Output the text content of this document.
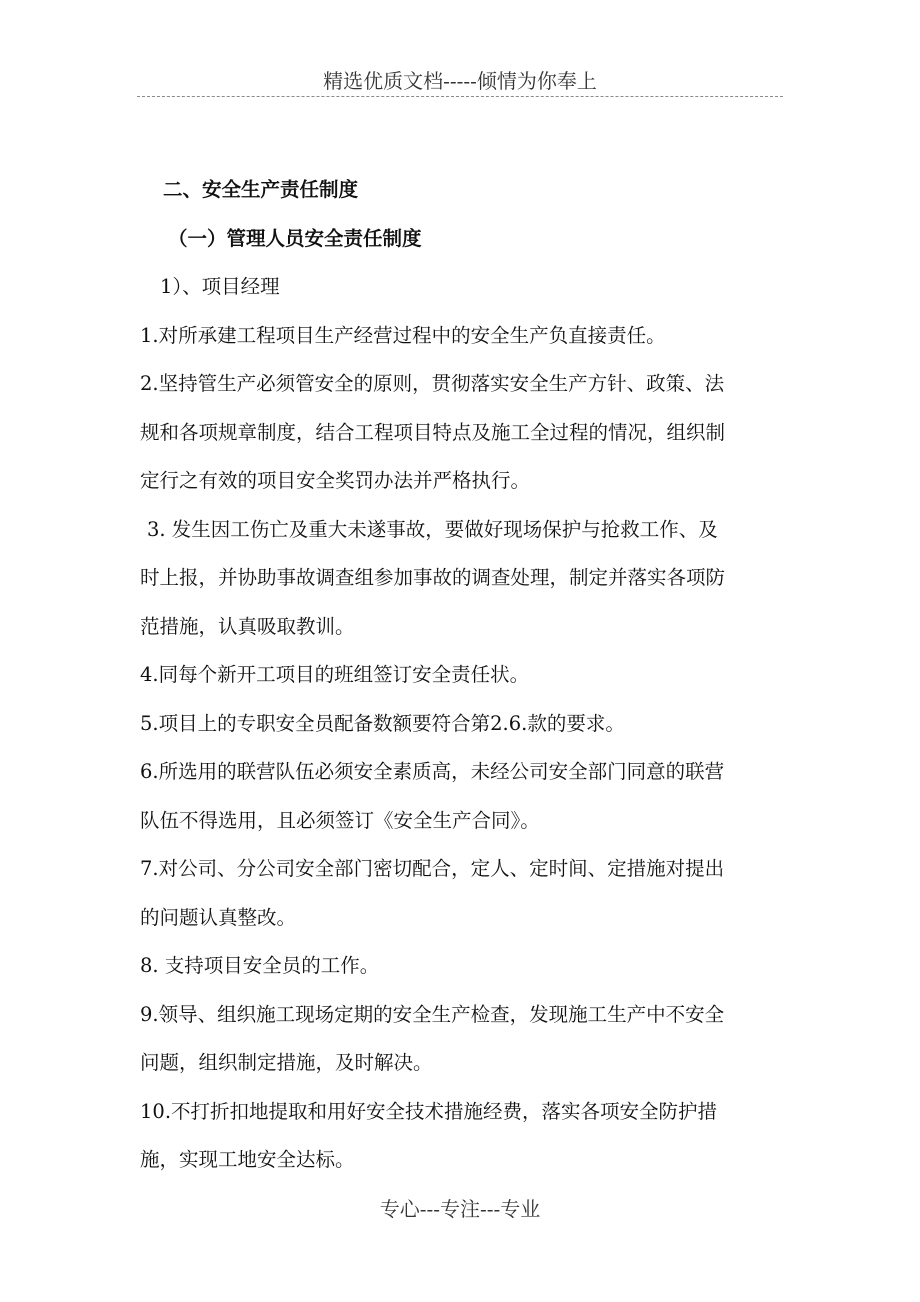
精选优质文档-----倾情为你奉上

二、安全生产责任制度

（一）管理人员安全责任制度

1）、项目经理

1.对所承建工程项目生产经营过程中的安全生产负直接责任。

2.坚持管生产必须管安全的原则，贯彻落实安全生产方针、政策、法

规和各项规章制度，结合工程项目特点及施工全过程的情况，组织制

定行之有效的项目安全奖罚办法并严格执行。

3. 发生因工伤亡及重大未遂事故，要做好现场保护与抢救工作、及

时上报，并协助事故调查组参加事故的调查处理，制定并落实各项防

范措施，认真吸取教训。

4.同每个新开工项目的班组签订安全责任状。

5.项目上的专职安全员配备数额要符合第2.6.款的要求。

6.所选用的联营队伍必须安全素质高，未经公司安全部门同意的联营

队伍不得选用，且必须签订《安全生产合同》。

7.对公司、分公司安全部门密切配合，定人、定时间、定措施对提出

的问题认真整改。

8. 支持项目安全员的工作。

9.领导、组织施工现场定期的安全生产检查，发现施工生产中不安全

问题，组织制定措施，及时解决。

10.不打折扣地提取和用好安全技术措施经费，落实各项安全防护措

施，实现工地安全达标。

专心---专注---专业
